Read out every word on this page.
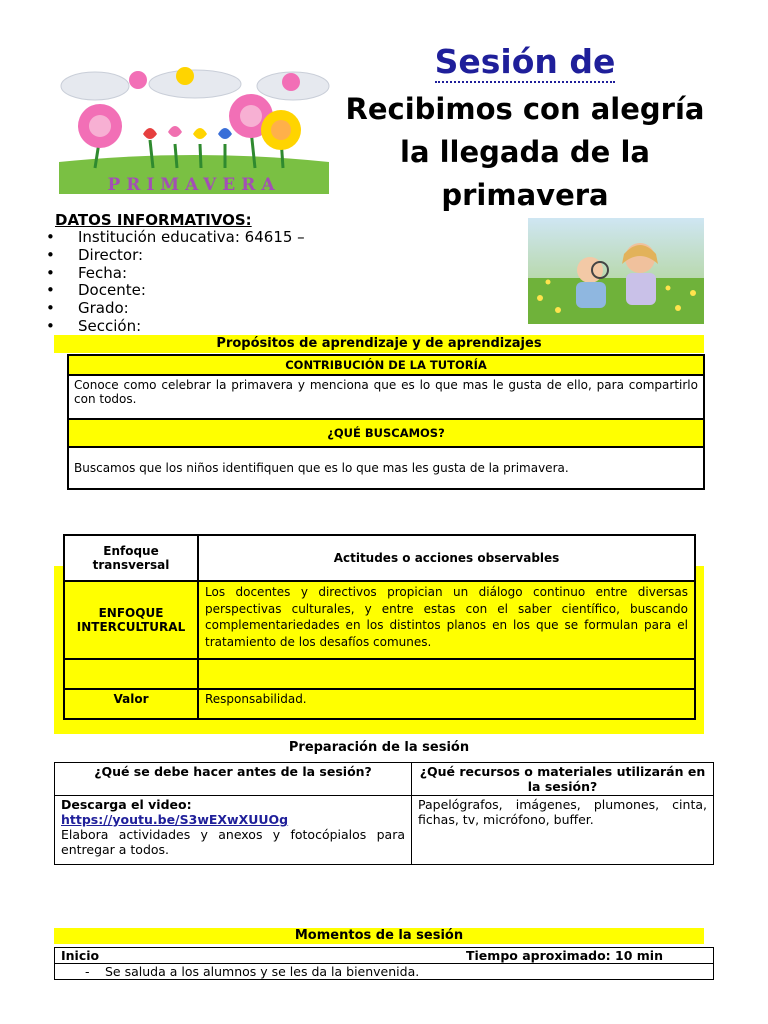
PRIMAVERA
Sesión de
Recibimos con alegría la llegada de la primavera
DATOS INFORMATIVOS:
• Institución educativa: 64615 –
• Director:
• Fecha:
• Docente:
• Grado:
• Sección:
Propósitos de aprendizaje y de aprendizajes
CONTRIBUCIÓN DE LA TUTORÍA
Conoce como celebrar la primavera y menciona que es lo que mas le gusta de ello, para compartirlo con todos.
¿QUÉ BUSCAMOS?
Buscamos que los niños identifiquen que es lo que mas les gusta de la primavera.
Enfoque transversal	Actitudes o acciones observables
ENFOQUE INTERCULTURAL	Los docentes y directivos propician un diálogo continuo entre diversas perspectivas culturales, y entre estas con el saber científico, buscando complementariedades en los distintos planos en los que se formulan para el tratamiento de los desafíos comunes.

Valor	Responsabilidad.
Preparación de la sesión
¿Qué se debe hacer antes de la sesión?	¿Qué recursos o materiales utilizarán en la sesión?

Descarga el video:
https://youtu.be/S3wEXwXUUOg
Elabora actividades y anexos y fotocópialos para entregar a todos.	Papelógrafos, imágenes, plumones, cinta, fichas, tv, micrófono, buffer.
Momentos de la sesión
Inicio	Tiempo aproximado: 10 min

- Se saluda a los alumnos y se les da la bienvenida.
